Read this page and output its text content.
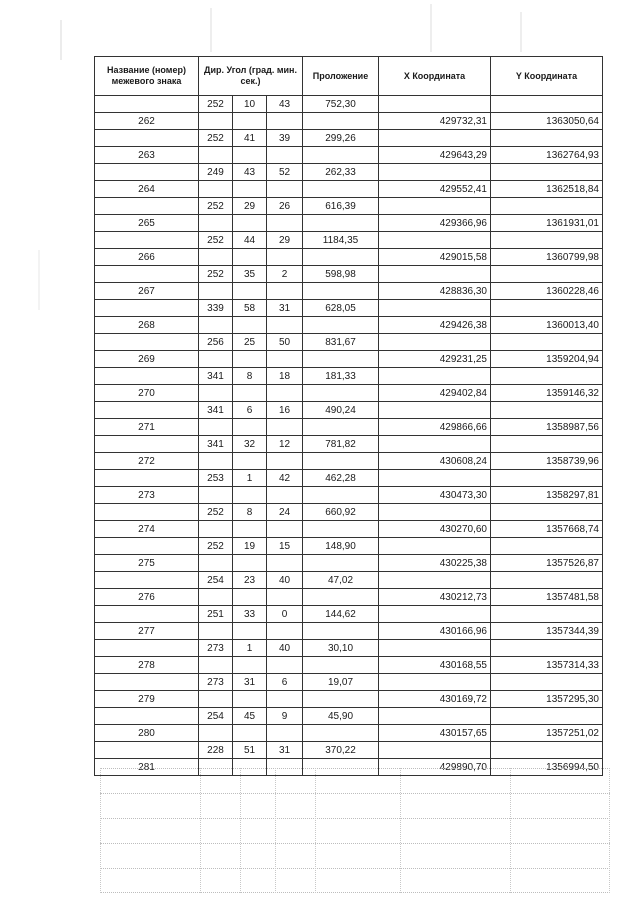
Название (номер) межевого знака	Дир. Угол (град. мин. сек.)			Проложение	X Координата	Y Координата
	252	10	43	752,30		
262					429732,31	1363050,64
	252	41	39	299,26		
263					429643,29	1362764,93
	249	43	52	262,33		
264					429552,41	1362518,84
	252	29	26	616,39		
265					429366,96	1361931,01
	252	44	29	1184,35		
266					429015,58	1360799,98
	252	35	2	598,98		
267					428836,30	1360228,46
	339	58	31	628,05		
268					429426,38	1360013,40
	256	25	50	831,67		
269					429231,25	1359204,94
	341	8	18	181,33		
270					429402,84	1359146,32
	341	6	16	490,24		
271					429866,66	1358987,56
	341	32	12	781,82		
272					430608,24	1358739,96
	253	1	42	462,28		
273					430473,30	1358297,81
	252	8	24	660,92		
274					430270,60	1357668,74
	252	19	15	148,90		
275					430225,38	1357526,87
	254	23	40	47,02		
276					430212,73	1357481,58
	251	33	0	144,62		
277					430166,96	1357344,39
	273	1	40	30,10		
278					430168,55	1357314,33
	273	31	6	19,07		
279					430169,72	1357295,30
	254	45	9	45,90		
280					430157,65	1357251,02
	228	51	31	370,22		
281					429890,70	1356994,50
